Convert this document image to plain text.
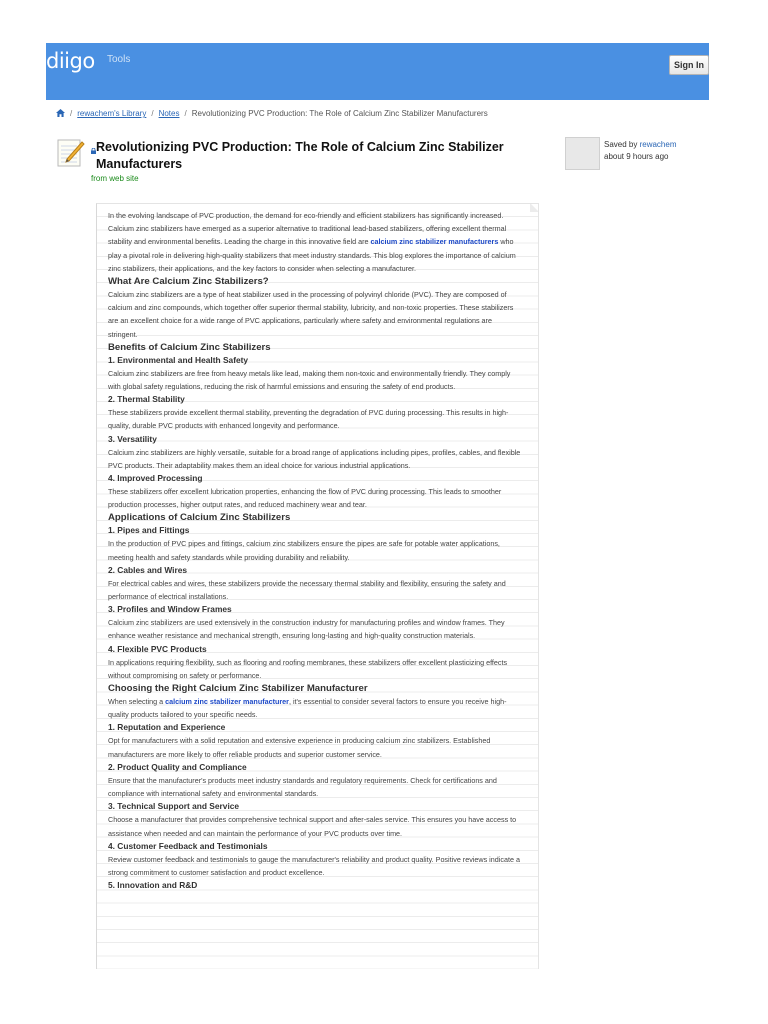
diigo Tools	Sign In
/ rewachem's Library / Notes / Revolutionizing PVC Production: The Role of Calcium Zinc Stabilizer Manufacturers
Revolutionizing PVC Production: The Role of Calcium Zinc Stabilizer Manufacturers
from web site
Saved by rewachem
about 9 hours ago

In the evolving landscape of PVC production, the demand for eco-friendly and efficient stabilizers has significantly increased. Calcium zinc stabilizers have emerged as a superior alternative to traditional lead-based stabilizers, offering excellent thermal stability and environmental benefits. Leading the charge in this innovative field are calcium zinc stabilizer manufacturers who play a pivotal role in delivering high-quality stabilizers that meet industry standards. This blog explores the importance of calcium zinc stabilizers, their applications, and the key factors to consider when selecting a manufacturer.

What Are Calcium Zinc Stabilizers?

Calcium zinc stabilizers are a type of heat stabilizer used in the processing of polyvinyl chloride (PVC). They are composed of calcium and zinc compounds, which together offer superior thermal stability, lubricity, and non-toxic properties. These stabilizers are an excellent choice for a wide range of PVC applications, particularly where safety and environmental regulations are stringent.

Benefits of Calcium Zinc Stabilizers

1. Environmental and Health Safety

Calcium zinc stabilizers are free from heavy metals like lead, making them non-toxic and environmentally friendly. They comply with global safety regulations, reducing the risk of harmful emissions and ensuring the safety of end products.

2. Thermal Stability

These stabilizers provide excellent thermal stability, preventing the degradation of PVC during processing. This results in high-quality, durable PVC products with enhanced longevity and performance.

3. Versatility

Calcium zinc stabilizers are highly versatile, suitable for a broad range of applications including pipes, profiles, cables, and flexible PVC products. Their adaptability makes them an ideal choice for various industrial applications.

4. Improved Processing

These stabilizers offer excellent lubrication properties, enhancing the flow of PVC during processing. This leads to smoother production processes, higher output rates, and reduced machinery wear and tear.

Applications of Calcium Zinc Stabilizers

1. Pipes and Fittings

In the production of PVC pipes and fittings, calcium zinc stabilizers ensure the pipes are safe for potable water applications, meeting health and safety standards while providing durability and reliability.

2. Cables and Wires

For electrical cables and wires, these stabilizers provide the necessary thermal stability and flexibility, ensuring the safety and performance of electrical installations.

3. Profiles and Window Frames

Calcium zinc stabilizers are used extensively in the construction industry for manufacturing profiles and window frames. They enhance weather resistance and mechanical strength, ensuring long-lasting and high-quality construction materials.

4. Flexible PVC Products

In applications requiring flexibility, such as flooring and roofing membranes, these stabilizers offer excellent plasticizing effects without compromising on safety or performance.

Choosing the Right Calcium Zinc Stabilizer Manufacturer

When selecting a calcium zinc stabilizer manufacturer, it's essential to consider several factors to ensure you receive high-quality products tailored to your specific needs.

1. Reputation and Experience

Opt for manufacturers with a solid reputation and extensive experience in producing calcium zinc stabilizers. Established manufacturers are more likely to offer reliable products and superior customer service.

2. Product Quality and Compliance

Ensure that the manufacturer's products meet industry standards and regulatory requirements. Check for certifications and compliance with international safety and environmental standards.

3. Technical Support and Service

Choose a manufacturer that provides comprehensive technical support and after-sales service. This ensures you have access to assistance when needed and can maintain the performance of your PVC products over time.

4. Customer Feedback and Testimonials

Review customer feedback and testimonials to gauge the manufacturer's reliability and product quality. Positive reviews indicate a strong commitment to customer satisfaction and product excellence.

5. Innovation and R&D
